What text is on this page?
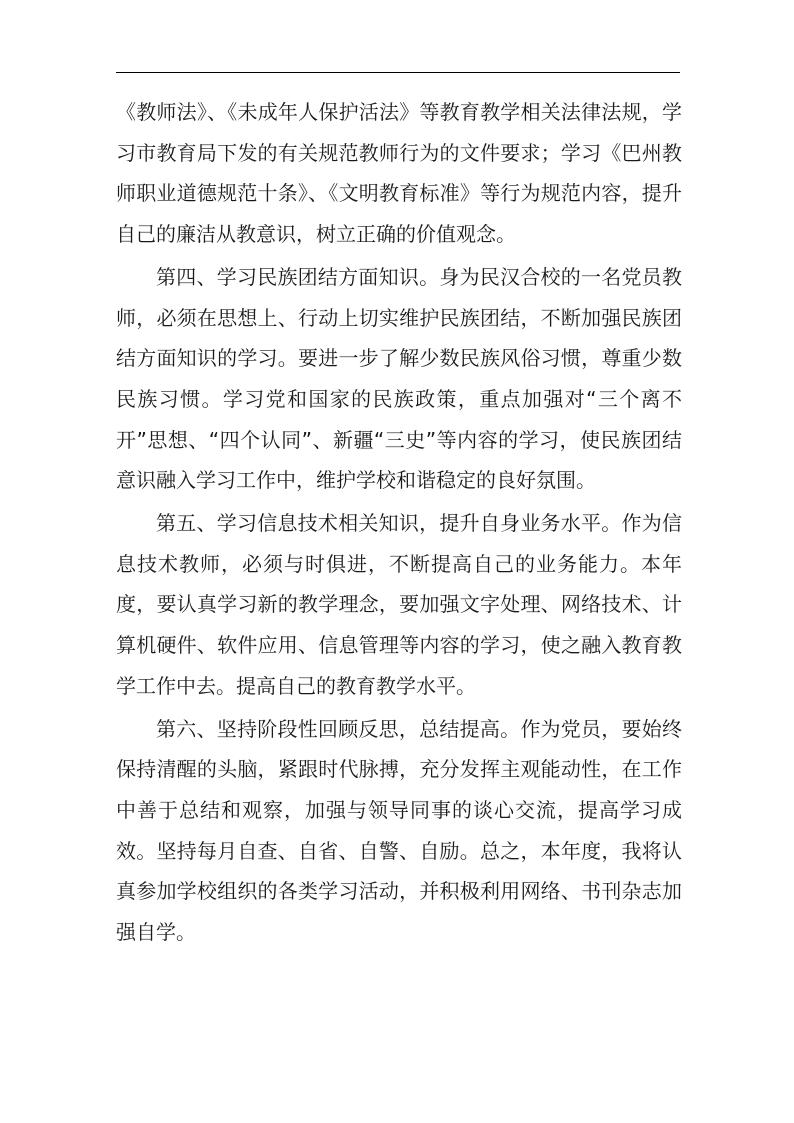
《教师法》、《未成年人保护活法》等教育教学相关法律法规，学习市教育局下发的有关规范教师行为的文件要求；学习《巴州教师职业道德规范十条》、《文明教育标准》等行为规范内容，提升自己的廉洁从教意识，树立正确的价值观念。

第四、学习民族团结方面知识。身为民汉合校的一名党员教师，必须在思想上、行动上切实维护民族团结，不断加强民族团结方面知识的学习。要进一步了解少数民族风俗习惯，尊重少数民族习惯。学习党和国家的民族政策，重点加强对“三个离不开”思想、“四个认同”、新疆“三史”等内容的学习，使民族团结意识融入学习工作中，维护学校和谐稳定的良好氛围。

第五、学习信息技术相关知识，提升自身业务水平。作为信息技术教师，必须与时俱进，不断提高自己的业务能力。本年度，要认真学习新的教学理念，要加强文字处理、网络技术、计算机硬件、软件应用、信息管理等内容的学习，使之融入教育教学工作中去。提高自己的教育教学水平。

第六、坚持阶段性回顾反思，总结提高。作为党员，要始终保持清醒的头脑，紧跟时代脉搏，充分发挥主观能动性，在工作中善于总结和观察，加强与领导同事的谈心交流，提高学习成效。坚持每月自查、自省、自警、自励。总之，本年度，我将认真参加学校组织的各类学习活动，并积极利用网络、书刊杂志加强自学。
